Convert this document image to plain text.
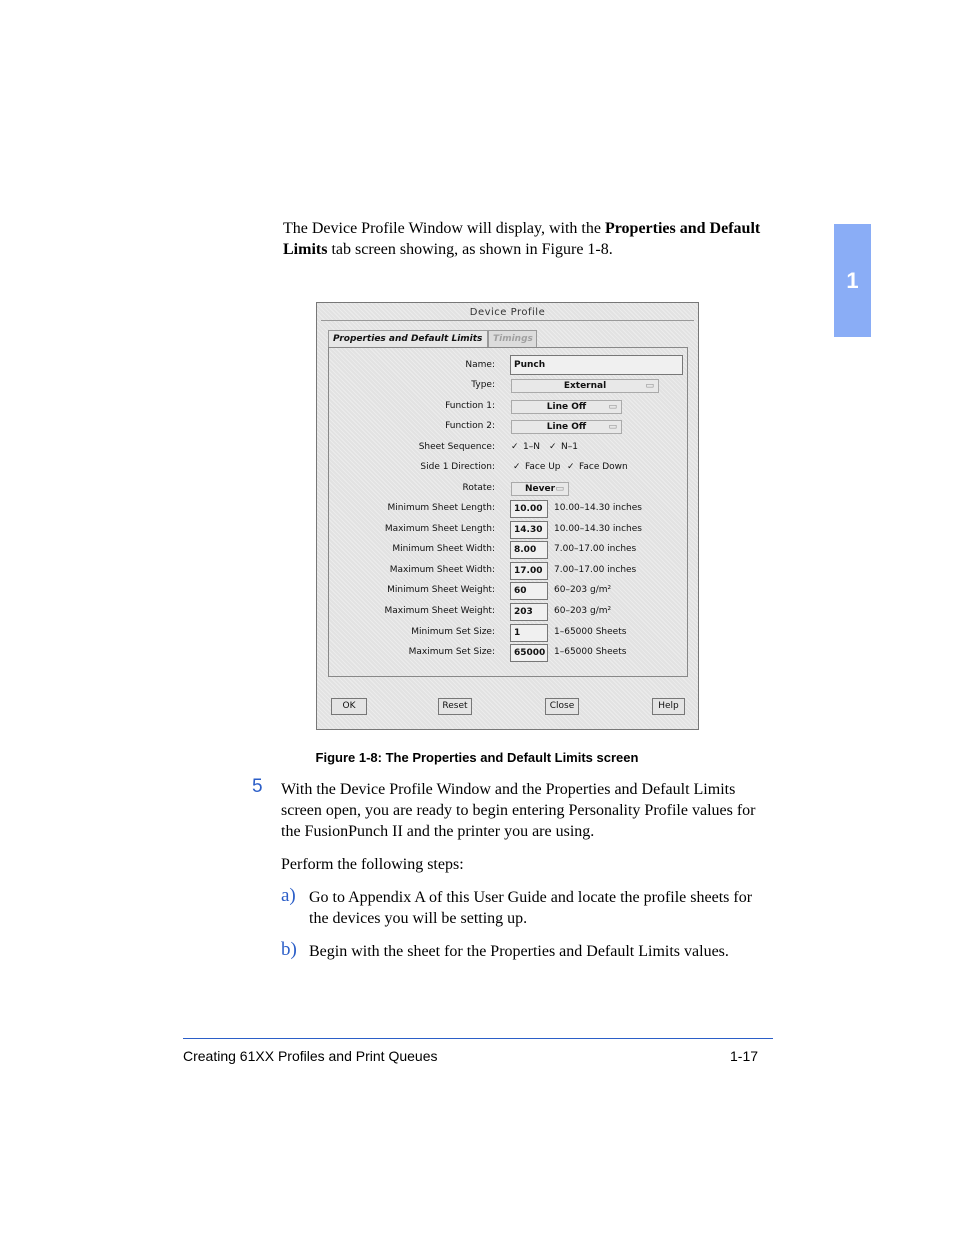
1
The Device Profile Window will display, with the Properties and Default Limits tab screen showing, as shown in Figure 1-8.
Device Profile
Properties and Default Limits	Timings
Name:	Punch
Type:	External	▭
Function 1:	Line Off ▭
Function 2:	Line Off ▭
Sheet Sequence: ✓ 1–N ✓ N–1
Side 1 Direction: ✓ Face Up ✓ Face Down
Rotate:	Never ▭
Minimum Sheet Length:	10.00	10.00–14.30 inches
Maximum Sheet Length:	14.30	10.00–14.30 inches
Minimum Sheet Width:	8.00	7.00–17.00 inches
Maximum Sheet Width:	17.00	7.00–17.00 inches
Minimum Sheet Weight:	60	60–203 g/m²
Maximum Sheet Weight:	203	60–203 g/m²
Minimum Set Size:	1	1–65000 Sheets
Maximum Set Size:	65000 1–65000 Sheets
OK	Reset	Close	Help
Figure 1-8: The Properties and Default Limits screen
5 With the Device Profile Window and the Properties and Default Limits screen open, you are ready to begin entering Personality Profile values for the FusionPunch II and the printer you are using.
Perform the following steps:
a) Go to Appendix A of this User Guide and locate the profile sheets for the devices you will be setting up.
b) Begin with the sheet for the Properties and Default Limits values.
Creating 61XX Profiles and Print Queues	1-17
